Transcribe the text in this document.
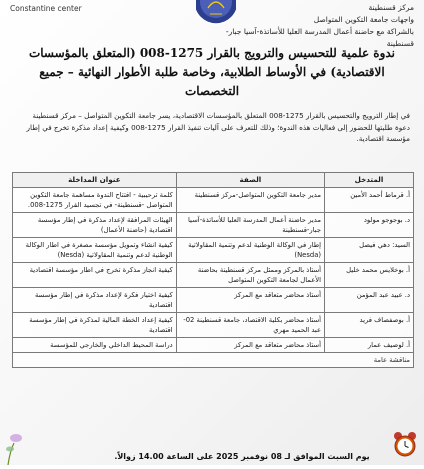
Constantine center	مركز قسنطينة
واجهات جامعة التكوين المتواصل
بالشراكة مع حاضنة أعمال المدرسة العليا للأساتذة-آسيا جبار-قسنطينة
ندوة علمية للتحسيس والترويج بالقرار 1275-008 (المتعلق بالمؤسسات
الاقتصادية) في الأوساط الطلابية، وخاصة طلبة الأطوار النهائية – جميع التخصصات
في إطار الترويج والتحسيس بالقرار 1275-008 المتعلق بالمؤسسات الاقتصادية، يسر جامعة التكوين المتواصل – مركز قسنطينة دعوة طلبتها للحضور إلى فعاليات هذه الندوة؛ وذلك للتعرف على آليات تنفيذ القرار 1275-008 وكيفية إعداد مذكرة تخرج في إطار مؤسسة اقتصادية.
المتدخل	الصفة	عنوان المداخلة
أ. قرماط أحمد الأمين	مدير جامعة التكوين المتواصل-مركز قسنطينة	كلمة ترحيبية - افتتاح الندوة مساهمة جامعة التكوين المتواصل -قسنطينة- في تجسيد القرار 1275-008.
د. بوجوجو مولود	مدير حاضنة أعمال المدرسة العليا للأساتذة-آسيا جبار-قسنطينة	الهيئات المرافقة لإعداد مذكرة في إطار مؤسسة اقتصادية (حاضنة الأعمال)
السيد: دهي فيصل	إطار في الوكالة الوطنية لدعم وتنمية المقاولاتية (Nesda)	كيفية انشاء وتمويل مؤسسة مصغرة في اطار الوكالة الوطنية لدعم وتنمية المقاولاتية (Nesda)
أ. بوخلايس محمد خليل	أستاذ بالمركز وممثل مركز قسنطينة بحاضنة الأعمال لجامعة التكوين المتواصل	كيفية انجاز مذكرة تخرج في اطار مؤسسة اقتصادية
د. عبيد عبد المؤمن	أستاذ محاضر متعاقد مع المركز	كيفية اختيار فكرة لإعداد مذكرة في إطار مؤسسة اقتصادية
أ. بوصفصاف فريد	أستاذ محاضر بكلية الاقتصاد، جامعة قسنطينة 02-عبد الحميد مهري	كيفية إعداد الخطة المالية لمذكرة في إطار مؤسسة اقتصادية
أ. لوصيف عمار	أستاذ محاضر متعاقد مع المركز	دراسة المحيط الداخلي والخارجي للمؤسسة
مناقشة عامة		
يوم السبت الموافق لـ 08 نوفمبر 2025 على الساعة 14.00 زوالاً.
